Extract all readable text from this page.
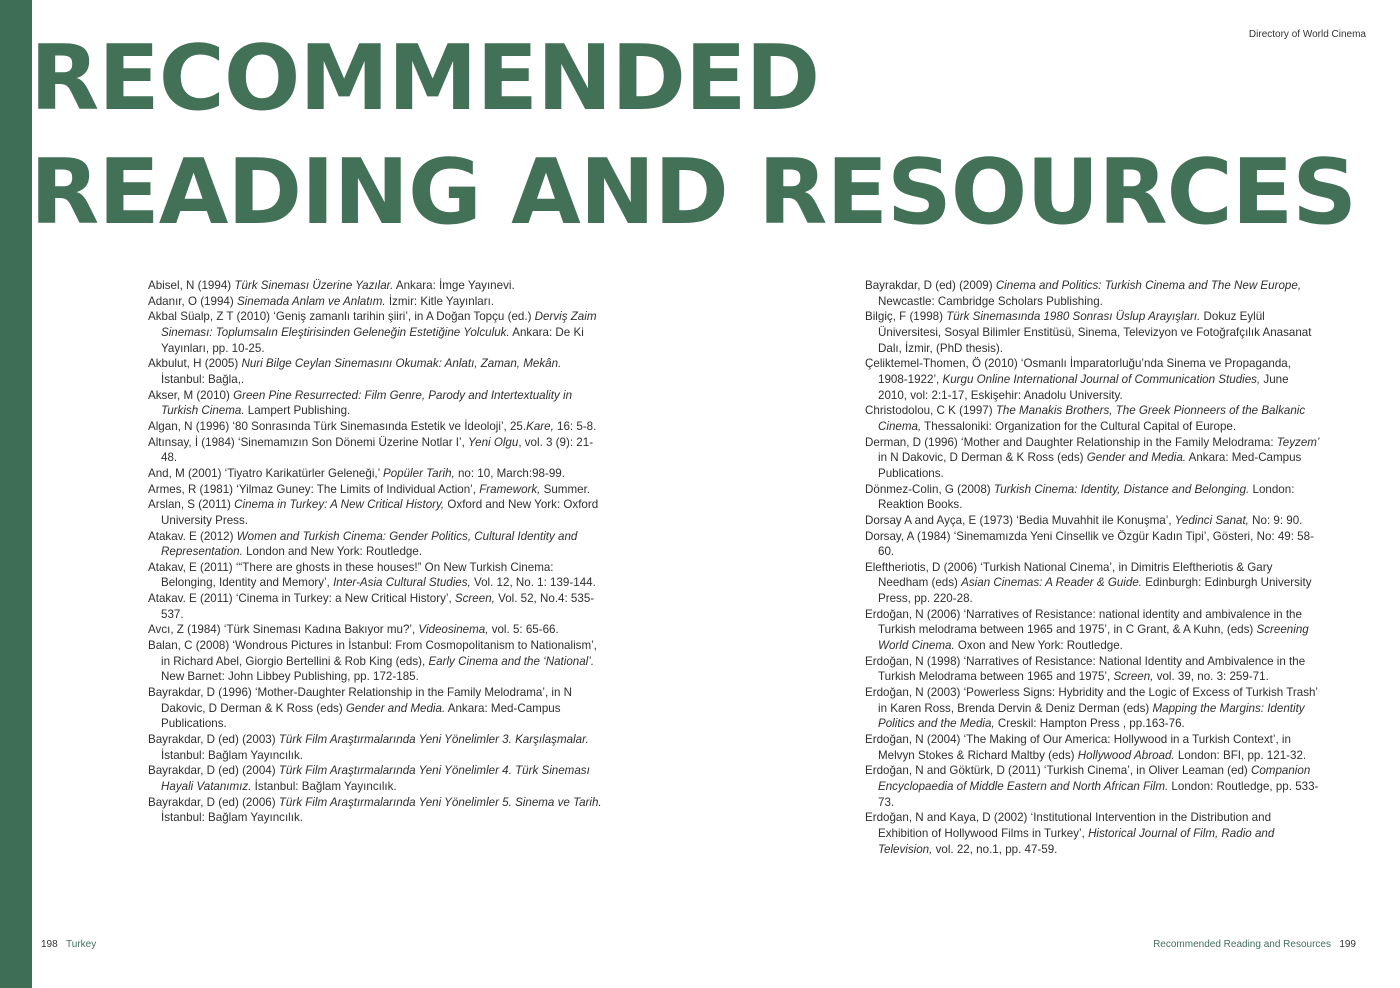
Directory of World Cinema
RECOMMENDED
READING AND RESOURCES

Abisel, N (1994) Türk Sineması Üzerine Yazılar. Ankara: İmge Yayınevi.

Adanır, O (1994) Sinemada Anlam ve Anlatım. İzmir: Kitle Yayınları.

Akbal Süalp, Z T (2010) ‘Geniş zamanlı tarihin şiiri’, in A Doğan Topçu (ed.) Derviş Zaim Sineması: Toplumsalın Eleştirisinden Geleneğin Estetiğine Yolculuk. Ankara: De Ki Yayınları, pp. 10-25.

Akbulut, H (2005) Nuri Bilge Ceylan Sinemasını Okumak: Anlatı, Zaman, Mekân. İstanbul: Bağla,.

Akser, M (2010) Green Pine Resurrected: Film Genre, Parody and Intertextuality in Turkish Cinema. Lampert Publishing.

Algan, N (1996) ‘80 Sonrasında Türk Sinemasında Estetik ve İdeoloji’, 25.Kare, 16: 5-8.

Altınsay, İ (1984) ‘Sinemamızın Son Dönemi Üzerine Notlar I’, Yeni Olgu, vol. 3 (9): 21-48.

And, M (2001) ‘Tiyatro Karikatürler Geleneği,’ Popüler Tarih, no: 10, March:98-99.

Armes, R (1981) ‘Yilmaz Guney: The Limits of Individual Action’, Framework, Summer.

Arslan, S (2011) Cinema in Turkey: A New Critical History, Oxford and New York: Oxford University Press.

Atakav. E (2012) Women and Turkish Cinema: Gender Politics, Cultural Identity and Representation. London and New York: Routledge.

Atakav, E (2011) ‘“There are ghosts in these houses!” On New Turkish Cinema: Belonging, Identity and Memory’, Inter-Asia Cultural Studies, Vol. 12, No. 1: 139-144.

Atakav. E (2011) ‘Cinema in Turkey: a New Critical History’, Screen, Vol. 52, No.4: 535-537.

Avcı, Z (1984) ‘Türk Sineması Kadına Bakıyor mu?’, Videosinema, vol. 5: 65-66.

Balan, C (2008) ‘Wondrous Pictures in İstanbul: From Cosmopolitanism to Nationalism’, in Richard Abel, Giorgio Bertellini & Rob King (eds), Early Cinema and the ‘National’. New Barnet: John Libbey Publishing, pp. 172-185.

Bayrakdar, D (1996) ‘Mother-Daughter Relationship in the Family Melodrama’, in N Dakovic, D Derman & K Ross (eds) Gender and Media. Ankara: Med-Campus Publications.

Bayrakdar, D (ed) (2003) Türk Film Araştırmalarında Yeni Yönelimler 3. Karşılaşmalar. İstanbul: Bağlam Yayıncılık.

Bayrakdar, D (ed) (2004) Türk Film Araştırmalarında Yeni Yönelimler 4. Türk Sineması Hayali Vatanımız. İstanbul: Bağlam Yayıncılık.

Bayrakdar, D (ed) (2006) Türk Film Araştırmalarında Yeni Yönelimler 5. Sinema ve Tarih. İstanbul: Bağlam Yayıncılık.

Bayrakdar, D (ed) (2009) Cinema and Politics: Turkish Cinema and The New Europe, Newcastle: Cambridge Scholars Publishing.

Bilgiç, F (1998) Türk Sinemasında 1980 Sonrası Üslup Arayışları. Dokuz Eylül Üniversitesi, Sosyal Bilimler Enstitüsü, Sinema, Televizyon ve Fotoğrafçılık Anasanat Dalı, İzmir, (PhD thesis).

Çeliktemel-Thomen, Ö (2010) ‘Osmanlı İmparatorluğu’nda Sinema ve Propaganda, 1908-1922’, Kurgu Online International Journal of Communication Studies, June 2010, vol: 2:1-17, Eskişehir: Anadolu University.

Christodolou, C K (1997) The Manakis Brothers, The Greek Pionneers of the Balkanic Cinema, Thessaloniki: Organization for the Cultural Capital of Europe.

Derman, D (1996) ‘Mother and Daughter Relationship in the Family Melodrama: Teyzem’ in N Dakovic, D Derman & K Ross (eds) Gender and Media. Ankara: Med-Campus Publications.

Dönmez-Colin, G (2008) Turkish Cinema: Identity, Distance and Belonging. London: Reaktion Books.

Dorsay A and Ayça, E (1973) ‘Bedia Muvahhit ile Konuşma’, Yedinci Sanat, No: 9: 90.

Dorsay, A (1984) ‘Sinemamızda Yeni Cinsellik ve Özgür Kadın Tipi’, Gösteri, No: 49: 58-60.

Eleftheriotis, D (2006) ‘Turkish National Cinema’, in Dimitris Eleftheriotis & Gary Needham (eds) Asian Cinemas: A Reader & Guide. Edinburgh: Edinburgh University Press, pp. 220-28.

Erdoğan, N (2006) ‘Narratives of Resistance: national identity and ambivalence in the Turkish melodrama between 1965 and 1975’, in C Grant, & A Kuhn, (eds) Screening World Cinema. Oxon and New York: Routledge.

Erdoğan, N (1998) ‘Narratives of Resistance: National Identity and Ambivalence in the Turkish Melodrama between 1965 and 1975’, Screen, vol. 39, no. 3: 259-71.

Erdoğan, N (2003) ‘Powerless Signs: Hybridity and the Logic of Excess of Turkish Trash’ in Karen Ross, Brenda Dervin & Deniz Derman (eds) Mapping the Margins: Identity Politics and the Media, Creskil: Hampton Press , pp.163-76.

Erdoğan, N (2004) ‘The Making of Our America: Hollywood in a Turkish Context’, in Melvyn Stokes & Richard Maltby (eds) Hollywood Abroad. London: BFI, pp. 121-32.

Erdoğan, N and Göktürk, D (2011) ‘Turkish Cinema’, in Oliver Leaman (ed) Companion Encyclopaedia of Middle Eastern and North African Film. London: Routledge, pp. 533-73.

Erdoğan, N and Kaya, D (2002) ‘Institutional Intervention in the Distribution and Exhibition of Hollywood Films in Turkey’, Historical Journal of Film, Radio and Television, vol. 22, no.1, pp. 47-59.

198 Turkey	Recommended Reading and Resources 199
